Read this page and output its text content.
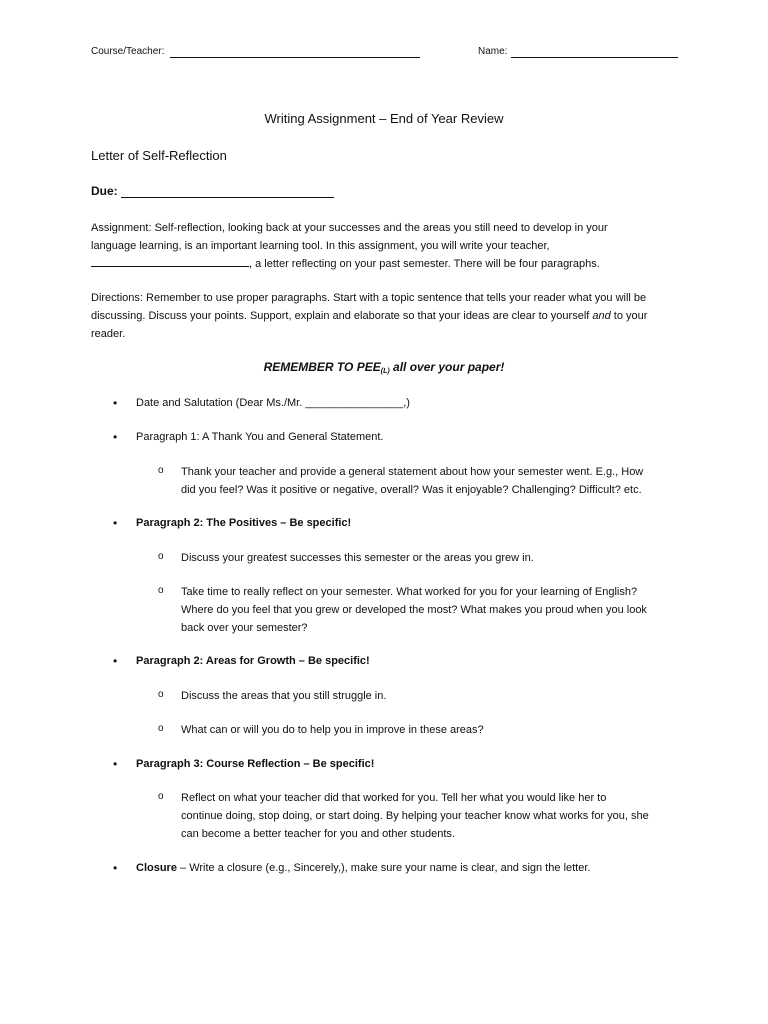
Course/Teacher:	Name:
Writing Assignment – End of Year Review
Letter of Self-Reflection
Due:
Assignment: Self-reflection, looking back at your successes and the areas you still need to develop in your
language learning, is an important learning tool. In this assignment, you will write your teacher,
, a letter reflecting on your past semester. There will be four paragraphs.
Directions: Remember to use proper paragraphs. Start with a topic sentence that tells your reader what you will be
discussing. Discuss your points. Support, explain and elaborate so that your ideas are clear to yourself and to your
reader.
REMEMBER TO $PEE_{(L)}$ all over your paper!
• Date and Salutation (Dear Ms./Mr. ________________,)
• Paragraph 1: A Thank You and General Statement.
o Thank your teacher and provide a general statement about how your semester went. E.g., How
did you feel? Was it positive or negative, overall? Was it enjoyable? Challenging? Difficult? etc.
• Paragraph 2: The Positives – Be specific!
o Discuss your greatest successes this semester or the areas you grew in.
o Take time to really reflect on your semester. What worked for you for your learning of English?
Where do you feel that you grew or developed the most? What makes you proud when you look
back over your semester?
• Paragraph 2: Areas for Growth – Be specific!
o Discuss the areas that you still struggle in.
o What can or will you do to help you in improve in these areas?
• Paragraph 3: Course Reflection – Be specific!
o Reflect on what your teacher did that worked for you. Tell her what you would like her to
continue doing, stop doing, or start doing. By helping your teacher know what works for you, she
can become a better teacher for you and other students.
• Closure – Write a closure (e.g., Sincerely,), make sure your name is clear, and sign the letter.
